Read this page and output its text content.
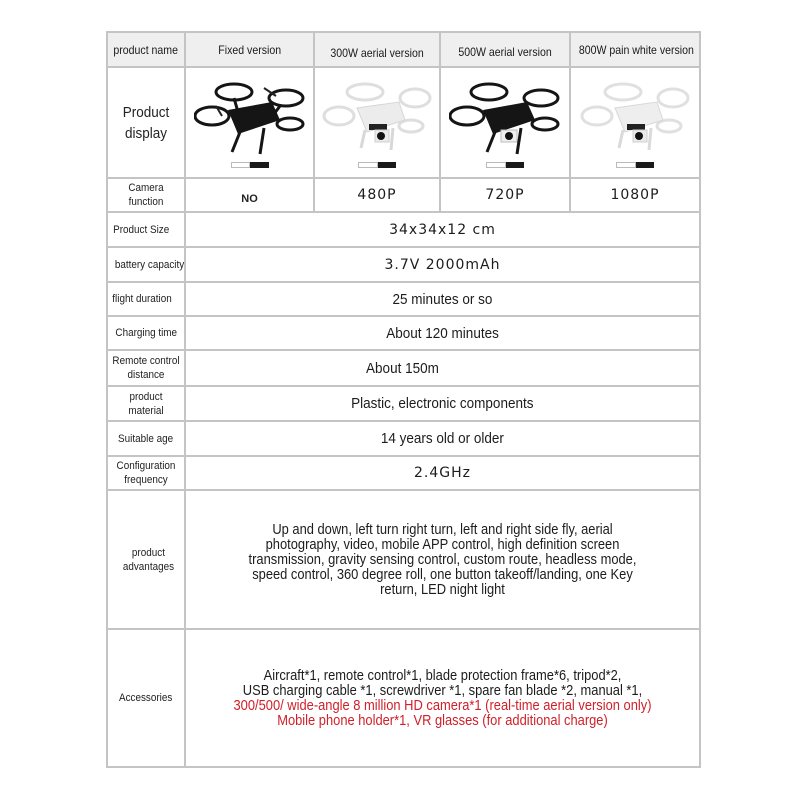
product name	Fixed version	300W aerial version	500W aerial version	800W pain white version
Product display	

Camera function	NO	480P	720P	1080P
Product Size	34x34x12 cm			
battery capacity	3.7V 2000mAh			
flight duration	25 minutes or so			
Charging time	About 120 minutes			
Remote control distance	About 150m			
product material	Plastic, electronic components			
Suitable age	14 years old or older			
Configuration frequency	2.4GHz			
product advantages	Up and down, left turn right turn, left and right side fly, aerial
photography, video, mobile APP control, high definition screen
transmission, gravity sensing control, custom route, headless mode,
speed control, 360 degree roll, one button takeoff/landing, one Key
return, LED night light			

Accessories	Aircraft*1, remote control*1, blade protection frame*6, tripod*2,
USB charging cable *1, screwdriver *1, spare fan blade *2, manual *1,
300/500/ wide-angle 8 million HD camera*1 (real-time aerial version only)
Mobile phone holder*1, VR glasses (for additional charge)			
